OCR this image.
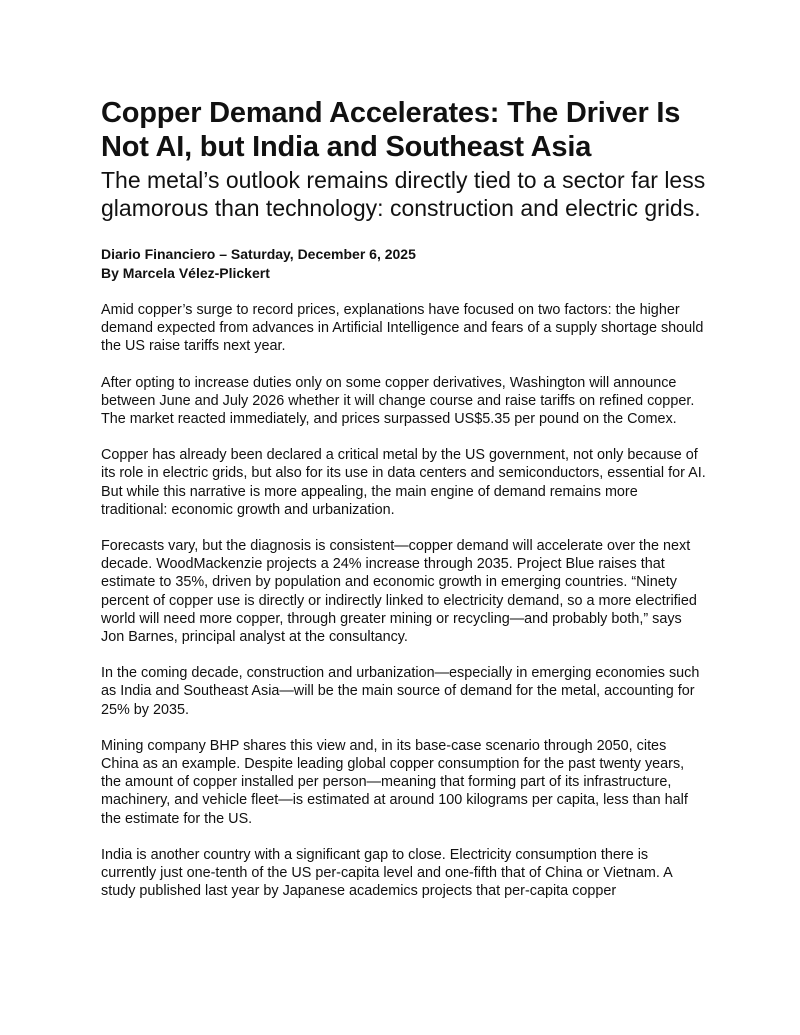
Copper Demand Accelerates: The Driver Is Not AI, but India and Southeast Asia
The metal’s outlook remains directly tied to a sector far less glamorous than technology: construction and electric grids.
Diario Financiero – Saturday, December 6, 2025
By Marcela Vélez-Plickert

Amid copper’s surge to record prices, explanations have focused on two factors: the higher demand expected from advances in Artificial Intelligence and fears of a supply shortage should the US raise tariffs next year.

After opting to increase duties only on some copper derivatives, Washington will announce between June and July 2026 whether it will change course and raise tariffs on refined copper. The market reacted immediately, and prices surpassed US$5.35 per pound on the Comex.

Copper has already been declared a critical metal by the US government, not only because of its role in electric grids, but also for its use in data centers and semiconductors, essential for AI. But while this narrative is more appealing, the main engine of demand remains more traditional: economic growth and urbanization.

Forecasts vary, but the diagnosis is consistent—copper demand will accelerate over the next decade. WoodMackenzie projects a 24% increase through 2035. Project Blue raises that estimate to 35%, driven by population and economic growth in emerging countries. “Ninety percent of copper use is directly or indirectly linked to electricity demand, so a more electrified world will need more copper, through greater mining or recycling—and probably both,” says Jon Barnes, principal analyst at the consultancy.

In the coming decade, construction and urbanization—especially in emerging economies such as India and Southeast Asia—will be the main source of demand for the metal, accounting for 25% by 2035.

Mining company BHP shares this view and, in its base-case scenario through 2050, cites China as an example. Despite leading global copper consumption for the past twenty years, the amount of copper installed per person—meaning that forming part of its infrastructure, machinery, and vehicle fleet—is estimated at around 100 kilograms per capita, less than half the estimate for the US.

India is another country with a significant gap to close. Electricity consumption there is currently just one-tenth of the US per-capita level and one-fifth that of China or Vietnam. A study published last year by Japanese academics projects that per-capita copper
